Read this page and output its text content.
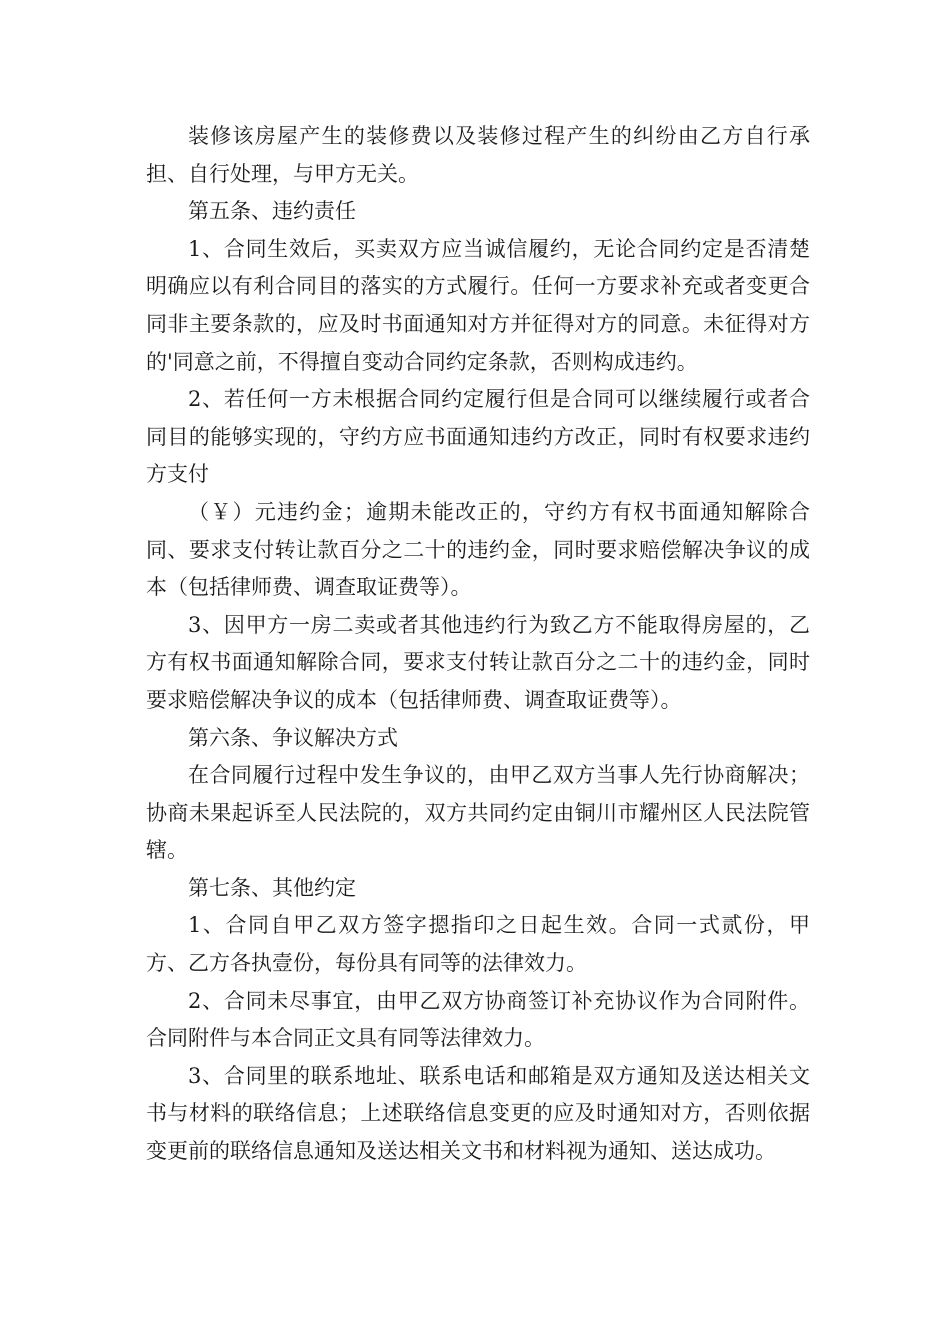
装修该房屋产生的装修费以及装修过程产生的纠纷由乙方自行承担、自行处理，与甲方无关。

第五条、违约责任

1、合同生效后，买卖双方应当诚信履约，无论合同约定是否清楚明确应以有利合同目的落实的方式履行。任何一方要求补充或者变更合同非主要条款的，应及时书面通知对方并征得对方的同意。未征得对方的'同意之前，不得擅自变动合同约定条款，否则构成违约。

2、若任何一方未根据合同约定履行但是合同可以继续履行或者合同目的能够实现的，守约方应书面通知违约方改正，同时有权要求违约方支付

（￥）元违约金；逾期未能改正的，守约方有权书面通知解除合同、要求支付转让款百分之二十的违约金，同时要求赔偿解决争议的成本（包括律师费、调查取证费等）。

3、因甲方一房二卖或者其他违约行为致乙方不能取得房屋的，乙方有权书面通知解除合同，要求支付转让款百分之二十的违约金，同时要求赔偿解决争议的成本（包括律师费、调查取证费等）。

第六条、争议解决方式

在合同履行过程中发生争议的，由甲乙双方当事人先行协商解决；协商未果起诉至人民法院的，双方共同约定由铜川市耀州区人民法院管辖。

第七条、其他约定

1、合同自甲乙双方签字摁指印之日起生效。合同一式贰份，甲方、乙方各执壹份，每份具有同等的法律效力。

2、合同未尽事宜，由甲乙双方协商签订补充协议作为合同附件。合同附件与本合同正文具有同等法律效力。

3、合同里的联系地址、联系电话和邮箱是双方通知及送达相关文书与材料的联络信息；上述联络信息变更的应及时通知对方，否则依据变更前的联络信息通知及送达相关文书和材料视为通知、送达成功。
